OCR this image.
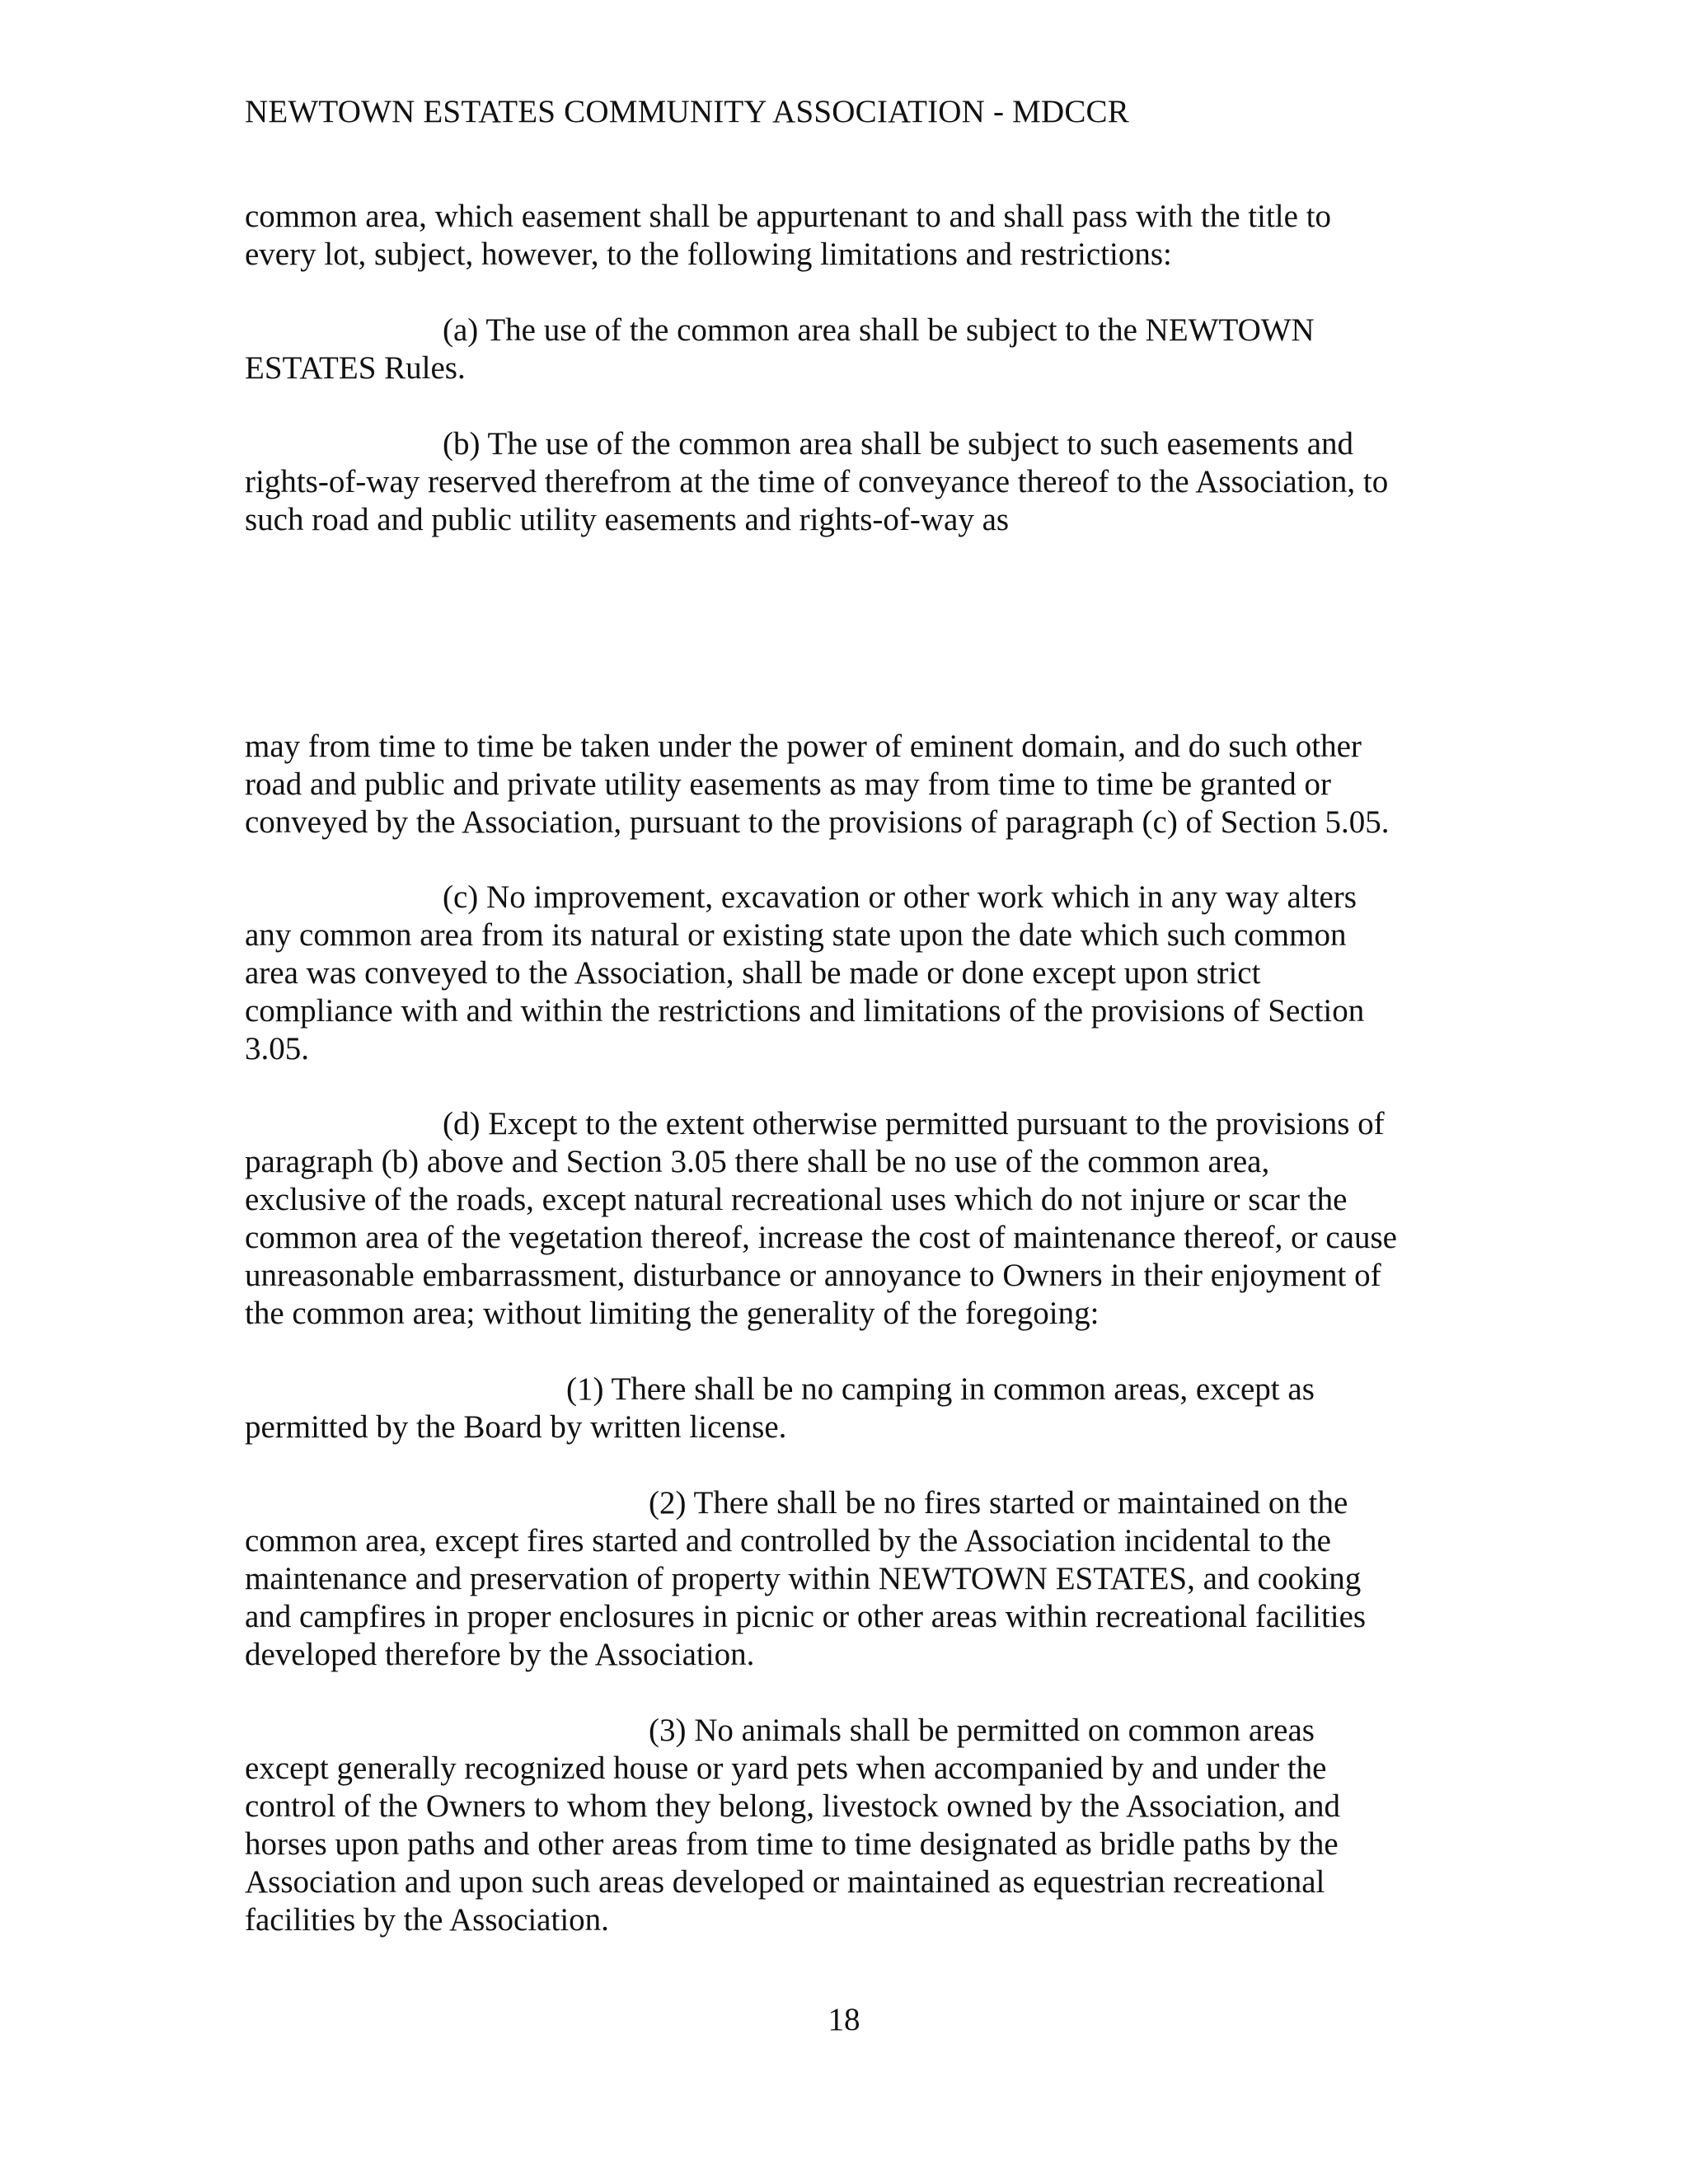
NEWTOWN ESTATES COMMUNITY ASSOCIATION - MDCCR
common area, which easement shall be appurtenant to and shall pass with the title to
every lot, subject, however, to the following limitations and restrictions:
(a) The use of the common area shall be subject to the NEWTOWN
ESTATES Rules.
(b) The use of the common area shall be subject to such easements and
rights-of-way reserved therefrom at the time of conveyance thereof to the Association, to
such road and public utility easements and rights-of-way as
may from time to time be taken under the power of eminent domain, and do such other
road and public and private utility easements as may from time to time be granted or
conveyed by the Association, pursuant to the provisions of paragraph (c) of Section 5.05.
(c) No improvement, excavation or other work which in any way alters
any common area from its natural or existing state upon the date which such common
area was conveyed to the Association, shall be made or done except upon strict
compliance with and within the restrictions and limitations of the provisions of Section
3.05.
(d) Except to the extent otherwise permitted pursuant to the provisions of
paragraph (b) above and Section 3.05 there shall be no use of the common area,
exclusive of the roads, except natural recreational uses which do not injure or scar the
common area of the vegetation thereof, increase the cost of maintenance thereof, or cause
unreasonable embarrassment, disturbance or annoyance to Owners in their enjoyment of
the common area; without limiting the generality of the foregoing:
(1) There shall be no camping in common areas, except as
permitted by the Board by written license.
(2) There shall be no fires started or maintained on the
common area, except fires started and controlled by the Association incidental to the
maintenance and preservation of property within NEWTOWN ESTATES, and cooking
and campfires in proper enclosures in picnic or other areas within recreational facilities
developed therefore by the Association.
(3) No animals shall be permitted on common areas
except generally recognized house or yard pets when accompanied by and under the
control of the Owners to whom they belong, livestock owned by the Association, and
horses upon paths and other areas from time to time designated as bridle paths by the
Association and upon such areas developed or maintained as equestrian recreational
facilities by the Association.
18
